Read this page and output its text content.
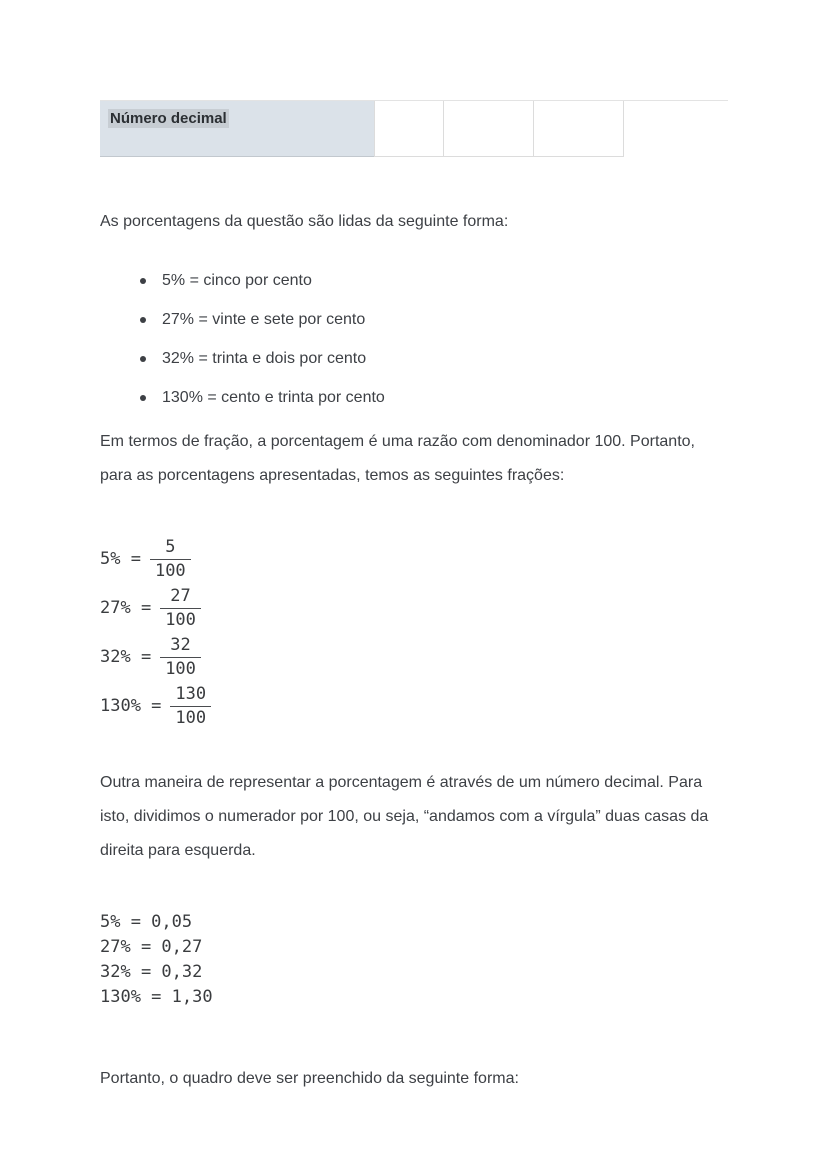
Número decimal

As porcentagens da questão são lidas da seguinte forma:

5% = cinco por cento
27% = vinte e sete por cento
32% = trinta e dois por cento
130% = cento e trinta por cento

Em termos de fração, a porcentagem é uma razão com denominador 100. Portanto, para as porcentagens apresentadas, temos as seguintes frações:

$5\% = \frac{5}{100}$
$27\% = \frac{27}{100}$
$32\% = \frac{32}{100}$
$130\% = \frac{130}{100}$

Outra maneira de representar a porcentagem é através de um número decimal. Para isto, dividimos o numerador por 100, ou seja, “andamos com a vírgula” duas casas da direita para esquerda.

5% = 0,05
27% = 0,27
32% = 0,32
130% = 1,30

Portanto, o quadro deve ser preenchido da seguinte forma:
